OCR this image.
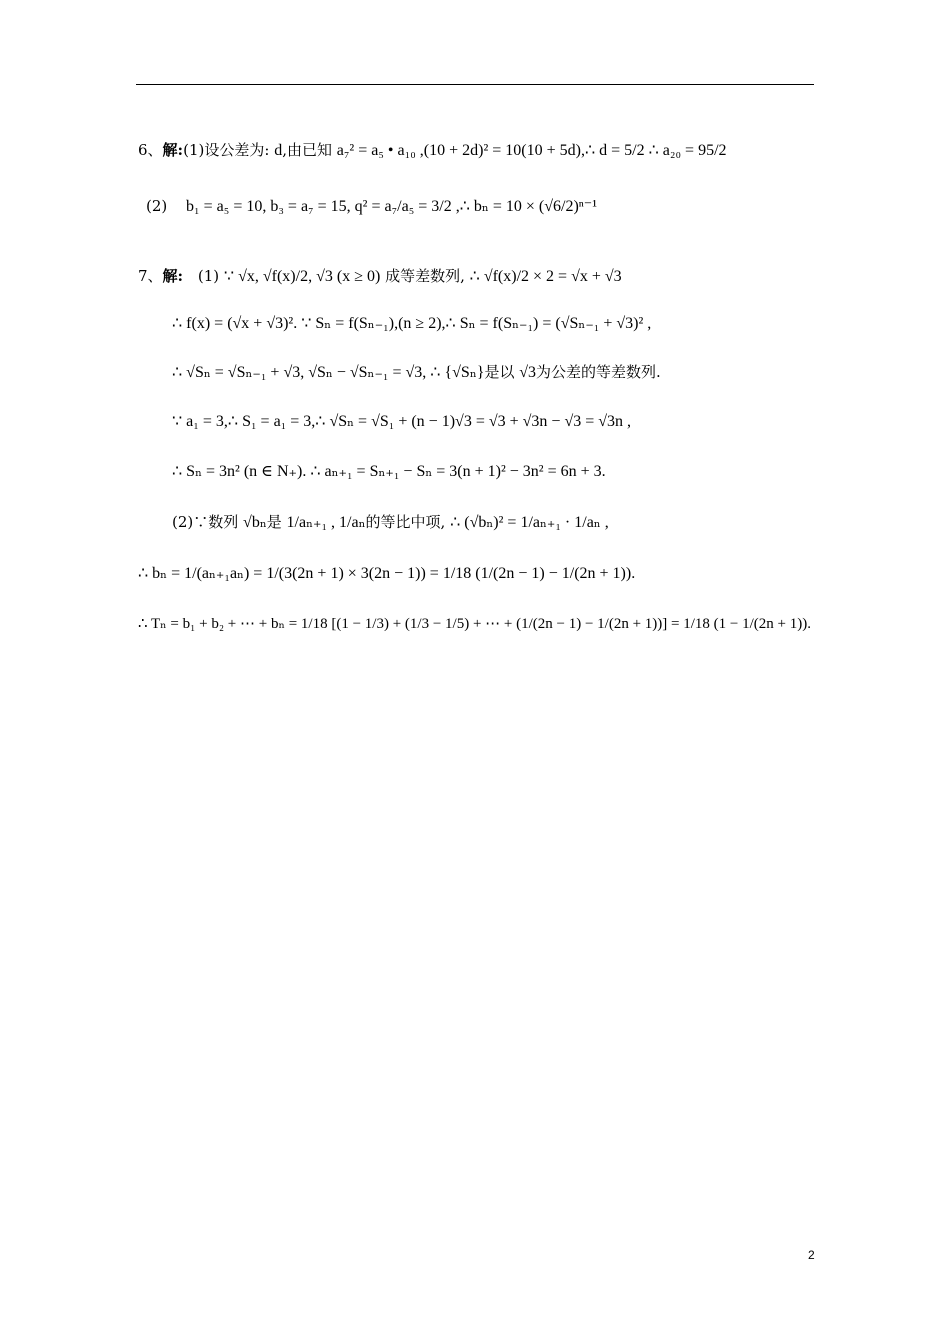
6、解:(1)设公差为: d,由已知 a₇² = a₅ • a₁₀ ,(10 + 2d)² = 10(10 + 5d),∴ d = 5/2 ∴ a₂₀ = 95/2
(2) b₁ = a₅ = 10, b₃ = a₇ = 15, q² = a₇/a₅ = 3/2 ,∴ bₙ = 10 × (√6/2)ⁿ⁻¹
7、解: (1) ∵ √x, √f(x)/2, √3 (x ≥ 0) 成等差数列, ∴ √f(x)/2 × 2 = √x + √3
∴ f(x) = (√x + √3)². ∵ Sₙ = f(Sₙ₋₁),(n ≥ 2),∴ Sₙ = f(Sₙ₋₁) = (√Sₙ₋₁ + √3)² ,
∴ √Sₙ = √Sₙ₋₁ + √3, √Sₙ − √Sₙ₋₁ = √3, ∴ {√Sₙ}是以 √3为公差的等差数列.
∵ a₁ = 3,∴ S₁ = a₁ = 3,∴ √Sₙ = √S₁ + (n − 1)√3 = √3 + √3n − √3 = √3n ,
∴ Sₙ = 3n² (n ∈ N₊). ∴ aₙ₊₁ = Sₙ₊₁ − Sₙ = 3(n + 1)² − 3n² = 6n + 3.
(2)∵数列 √bₙ是 1/aₙ₊₁ , 1/aₙ的等比中项, ∴ (√bₙ)² = 1/aₙ₊₁ · 1/aₙ ,
∴ bₙ = 1/(aₙ₊₁aₙ) = 1/(3(2n + 1) × 3(2n − 1)) = 1/18 (1/(2n − 1) − 1/(2n + 1)).
∴ Tₙ = b₁ + b₂ + ⋯ + bₙ = 1/18 [(1 − 1/3) + (1/3 − 1/5) + ⋯ + (1/(2n − 1) − 1/(2n + 1))] = 1/18 (1 − 1/(2n + 1)).
2
